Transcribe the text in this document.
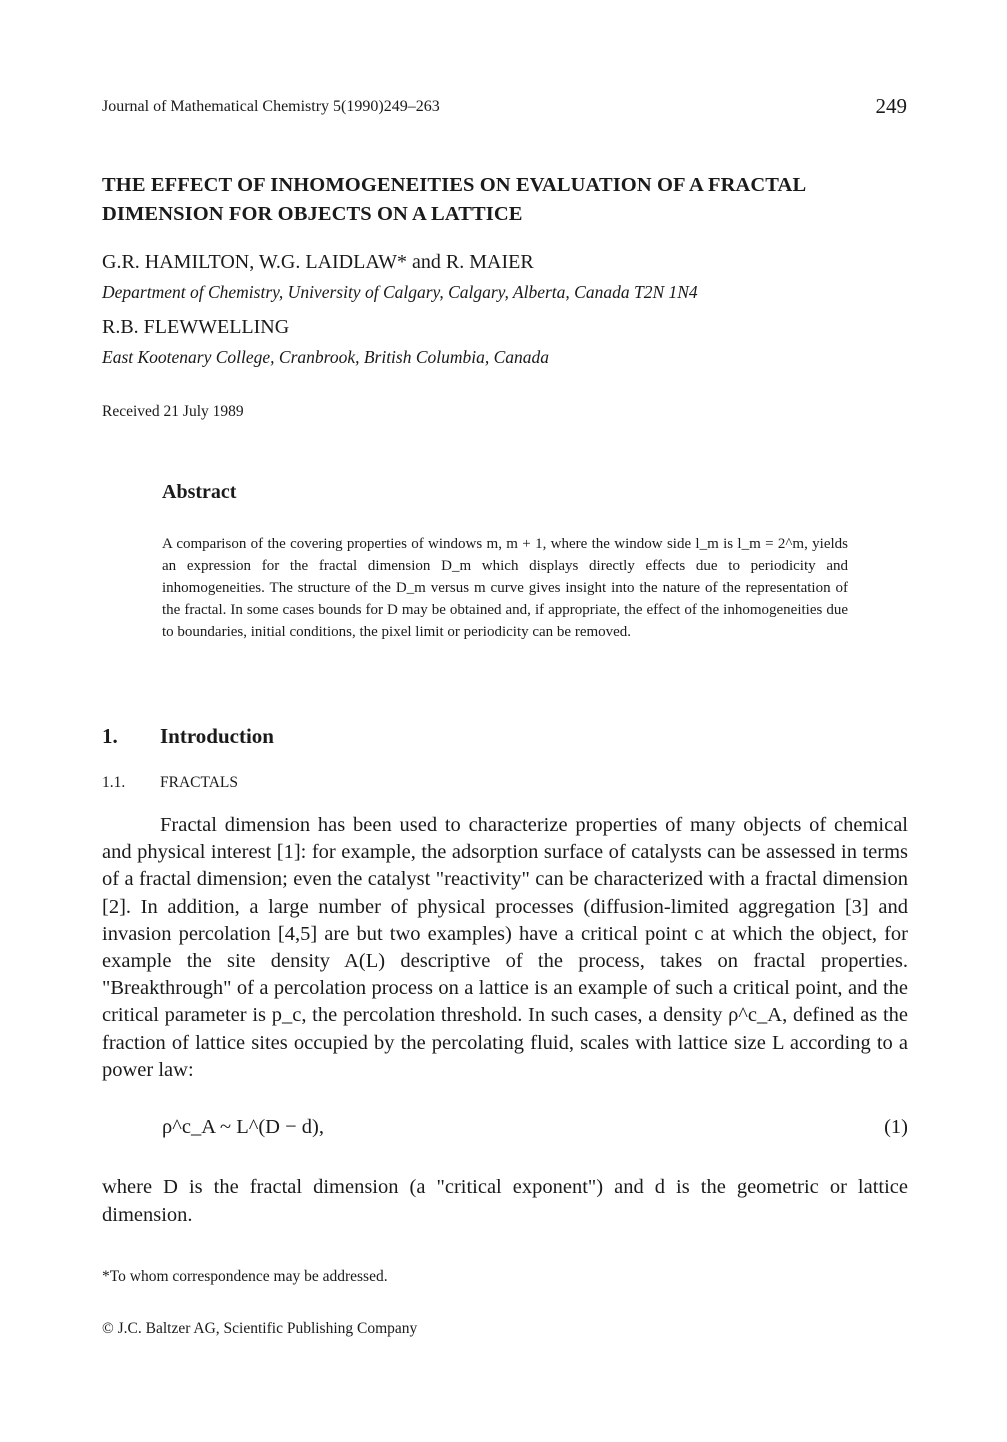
Journal of Mathematical Chemistry 5(1990)249–263	249
THE EFFECT OF INHOMOGENEITIES ON EVALUATION OF A FRACTAL DIMENSION FOR OBJECTS ON A LATTICE
G.R. HAMILTON, W.G. LAIDLAW* and R. MAIER
Department of Chemistry, University of Calgary, Calgary, Alberta, Canada T2N 1N4
R.B. FLEWWELLING
East Kootenary College, Cranbrook, British Columbia, Canada
Received 21 July 1989
Abstract
A comparison of the covering properties of windows m, m + 1, where the window side l_m is l_m = 2^m, yields an expression for the fractal dimension D_m which displays directly effects due to periodicity and inhomogeneities. The structure of the D_m versus m curve gives insight into the nature of the representation of the fractal. In some cases bounds for D may be obtained and, if appropriate, the effect of the inhomogeneities due to boundaries, initial conditions, the pixel limit or periodicity can be removed.
1. Introduction
1.1. FRACTALS

Fractal dimension has been used to characterize properties of many objects of chemical and physical interest [1]: for example, the adsorption surface of catalysts can be assessed in terms of a fractal dimension; even the catalyst "reactivity" can be characterized with a fractal dimension [2]. In addition, a large number of physical processes (diffusion-limited aggregation [3] and invasion percolation [4,5] are but two examples) have a critical point c at which the object, for example the site density A(L) descriptive of the process, takes on fractal properties. "Breakthrough" of a percolation process on a lattice is an example of such a critical point, and the critical parameter is p_c, the percolation threshold. In such cases, a density ρ^c_A, defined as the fraction of lattice sites occupied by the percolating fluid, scales with lattice size L according to a power law:

ρ^c_A ~ L^(D − d),	(1)
where D is the fractal dimension (a "critical exponent") and d is the geometric or lattice dimension.
*To whom correspondence may be addressed.
© J.C. Baltzer AG, Scientific Publishing Company
